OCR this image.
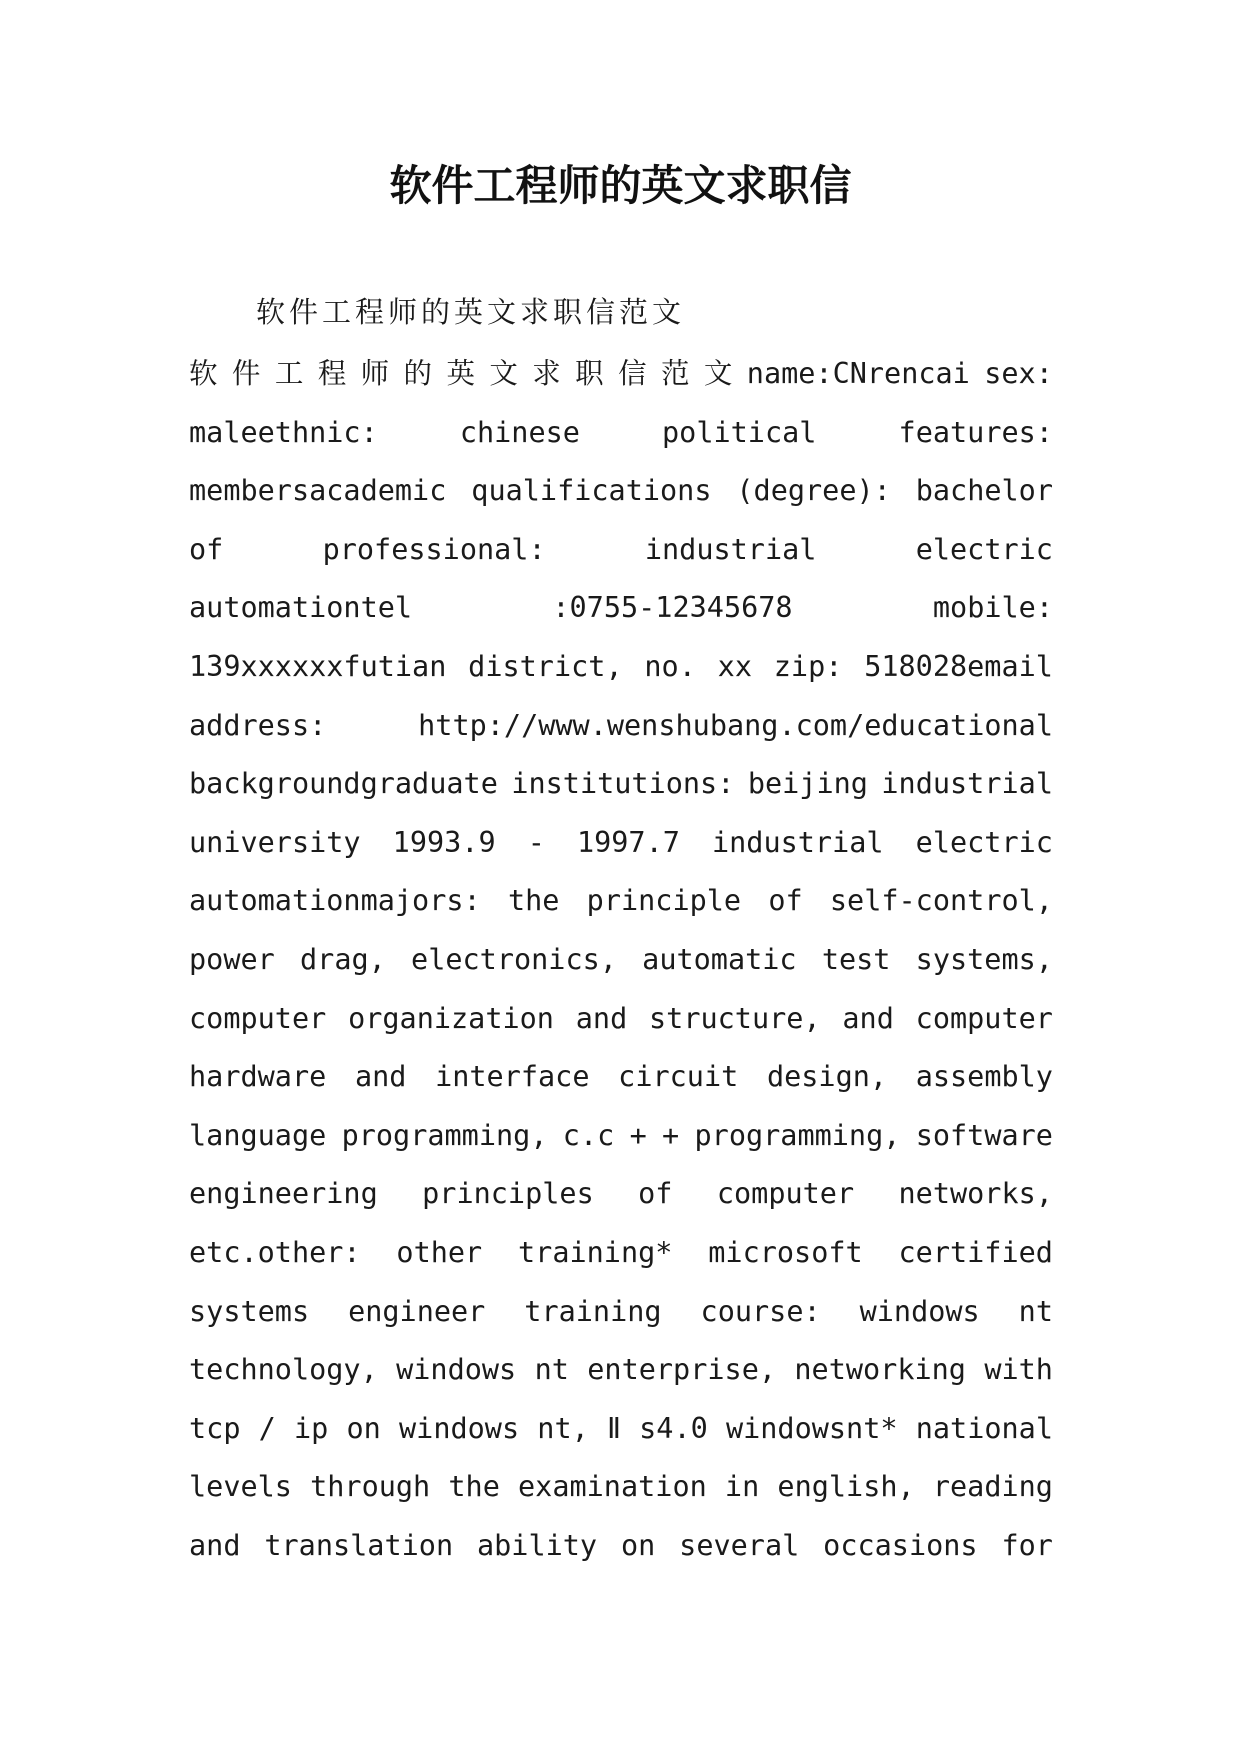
软件工程师的英文求职信
软件工程师的英文求职信范文
软 件 工 程 师 的 英 文 求 职 信 范 文 name:CNrencai sex:
maleethnic:	chinese	political	features:
membersacademic qualifications (degree): bachelor
of	professional:	industrial	electric
automationtel	:0755-12345678	mobile:
139xxxxxxfutian district, no. xx zip: 518028email
address:	http://www.wenshubang.com/educational
backgroundgraduate institutions: beijing industrial
university 1993.9 - 1997.7 industrial electric
automationmajors: the principle of self-control,
power drag, electronics, automatic test systems,
computer organization and structure, and computer
hardware and interface circuit design, assembly
language programming, c.c + + programming, software
engineering principles of computer networks,
etc.other: other training* microsoft certified
systems engineer training course: windows nt
technology, windows nt enterprise, networking with
tcp / ip on windows nt, Ⅱ s4.0 windowsnt* national
levels through the examination in english, reading
and translation ability on several occasions for
